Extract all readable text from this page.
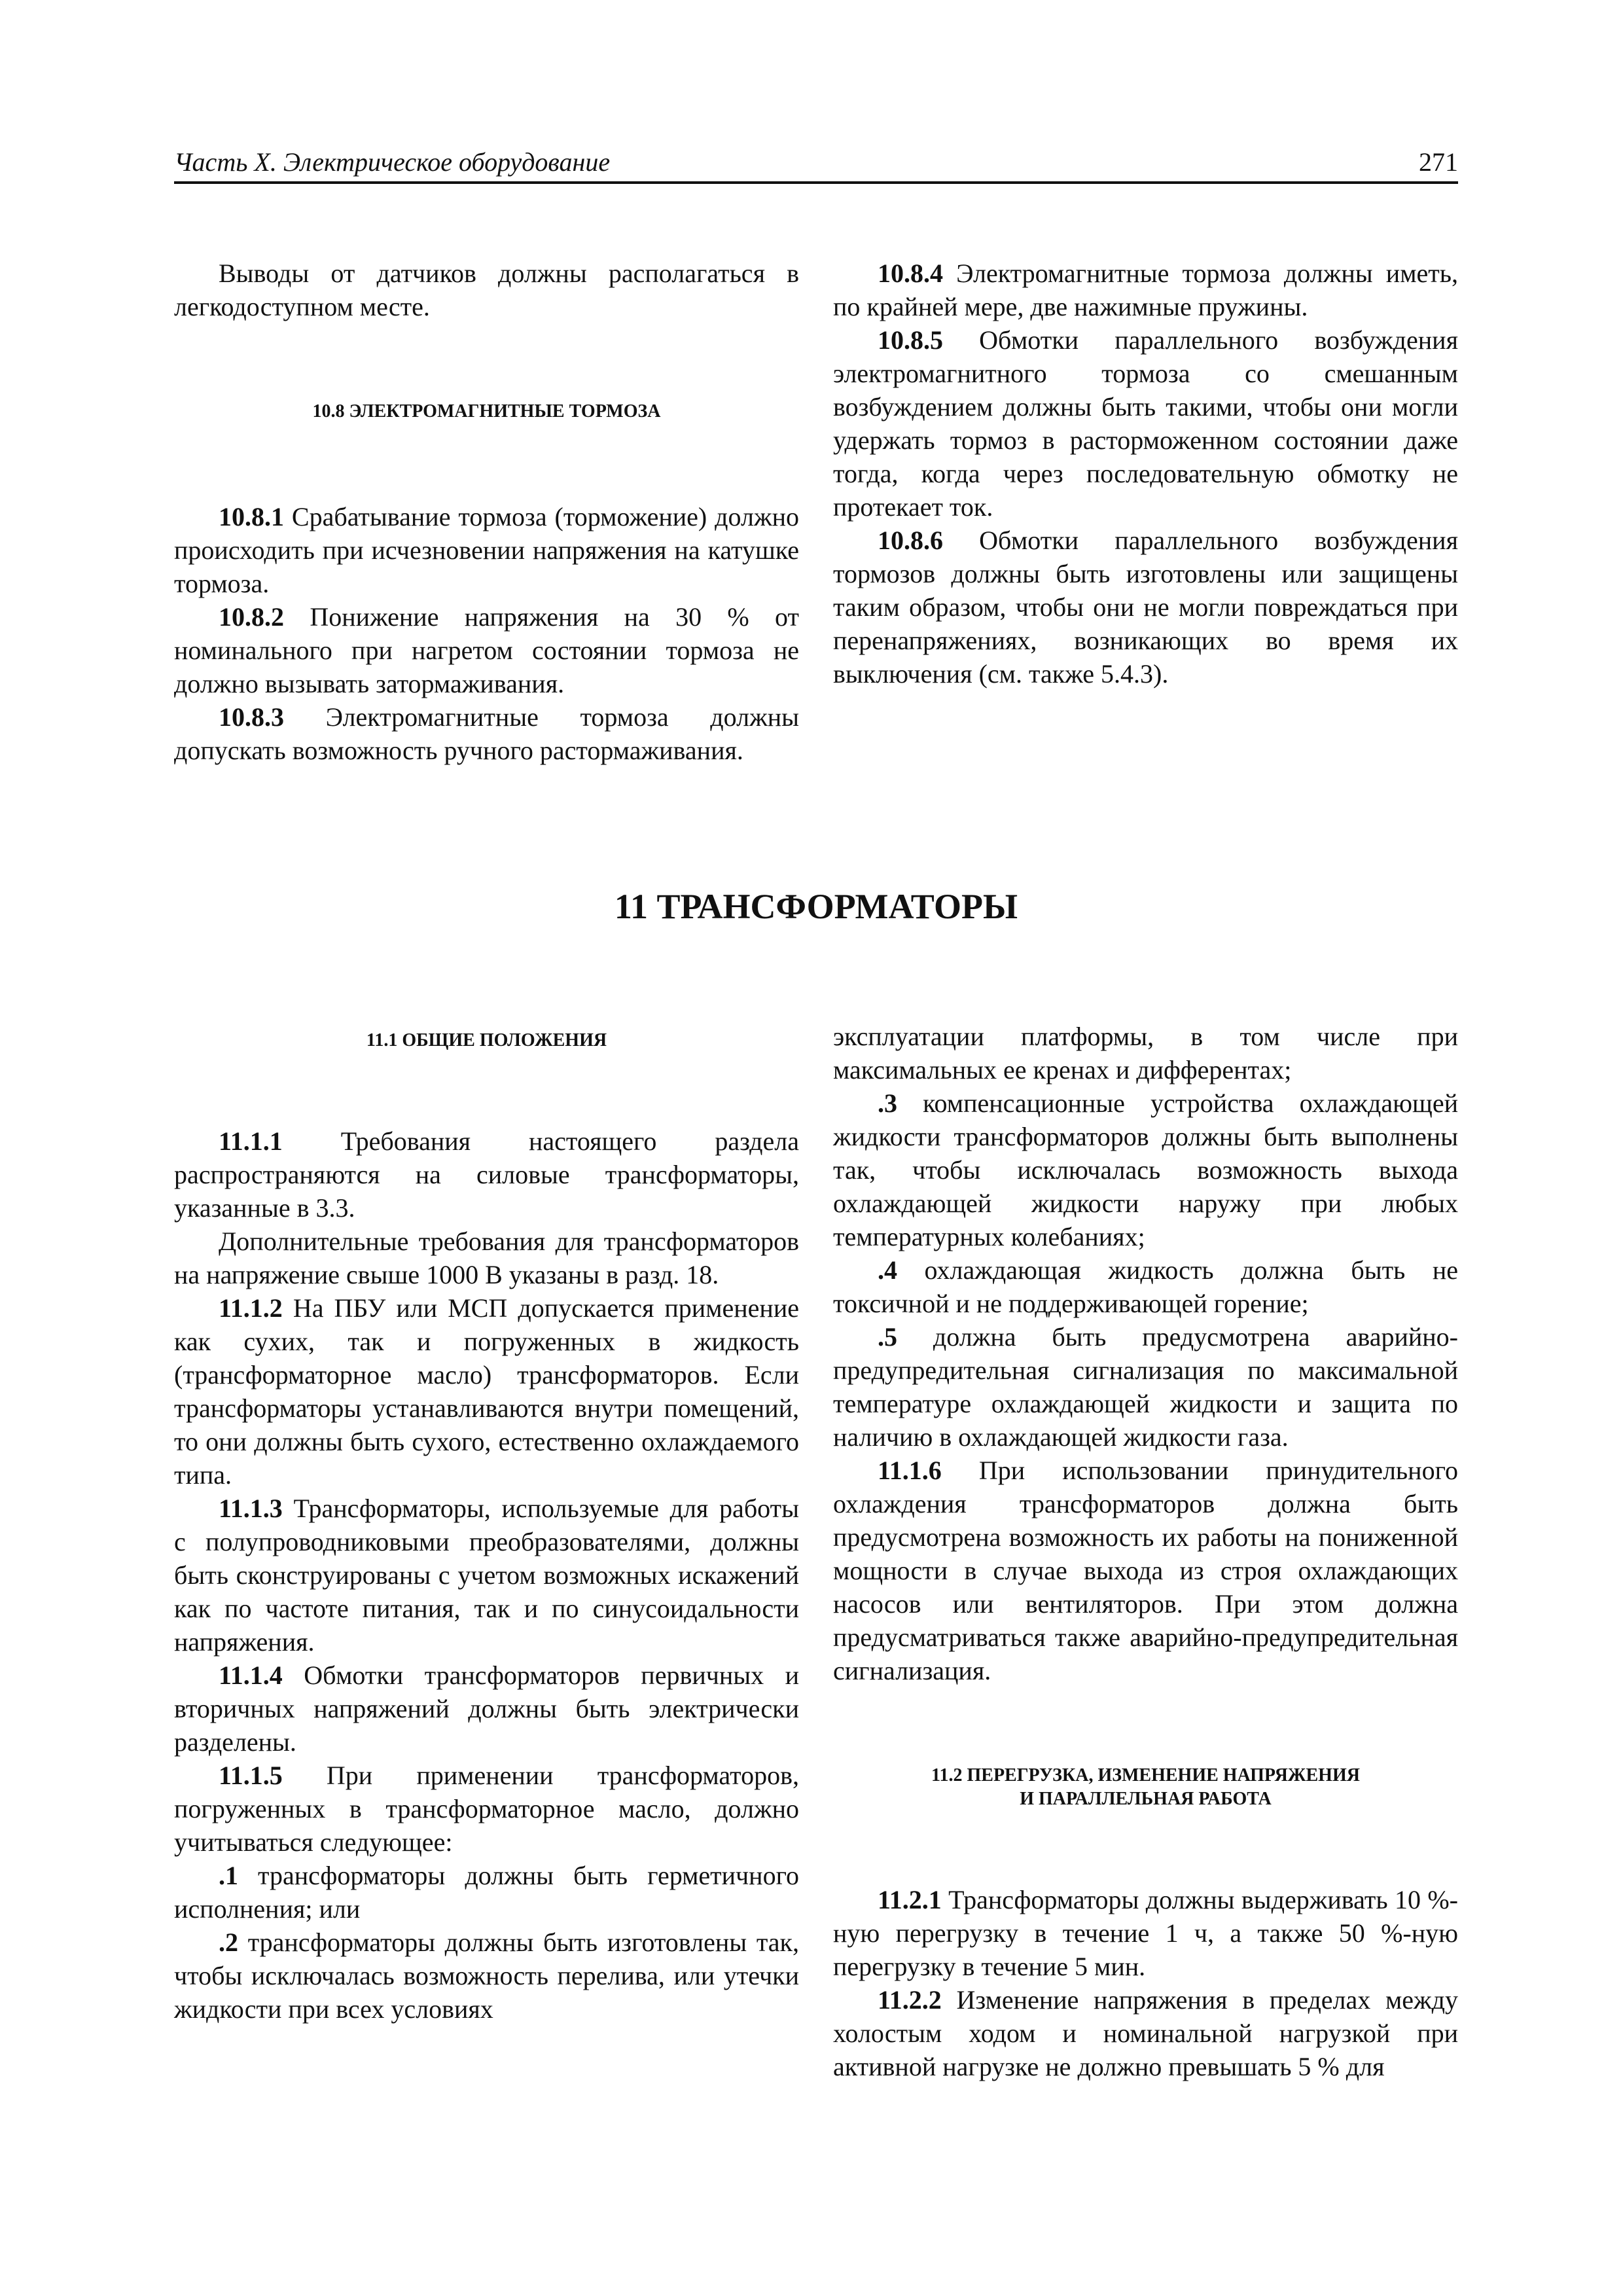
Часть X. Электрическое оборудование	271

Выводы от датчиков должны располагаться в легкодоступном месте.

10.8 ЭЛЕКТРОМАГНИТНЫЕ ТОРМОЗА

10.8.1 Срабатывание тормоза (торможение) должно происходить при исчезновении напряжения на катушке тормоза.

10.8.2 Понижение напряжения на 30 % от номинального при нагретом состоянии тормоза не должно вызывать затормаживания.

10.8.3 Электромагнитные тормоза должны допускать возможность ручного растормаживания.

10.8.4 Электромагнитные тормоза должны иметь, по крайней мере, две нажимные пружины.

10.8.5 Обмотки параллельного возбуждения электромагнитного тормоза со смешанным возбуждением должны быть такими, чтобы они могли удержать тормоз в расторможенном состоянии даже тогда, когда через последовательную обмотку не протекает ток.

10.8.6 Обмотки параллельного возбуждения тормозов должны быть изготовлены или защищены таким образом, чтобы они не могли повреждаться при перенапряжениях, возникающих во время их выключения (см. также 5.4.3).

11 ТРАНСФОРМАТОРЫ

11.1 ОБЩИЕ ПОЛОЖЕНИЯ

11.1.1 Требования настоящего раздела распространяются на силовые трансформаторы, указанные в 3.3.

Дополнительные требования для трансформаторов на напряжение свыше 1000 В указаны в разд. 18.

11.1.2 На ПБУ или МСП допускается применение как сухих, так и погруженных в жидкость (трансформаторное масло) трансформаторов. Если трансформаторы устанавливаются внутри помещений, то они должны быть сухого, естественно охлаждаемого типа.

11.1.3 Трансформаторы, используемые для работы с полупроводниковыми преобразователями, должны быть сконструированы с учетом возможных искажений как по частоте питания, так и по синусоидальности напряжения.

11.1.4 Обмотки трансформаторов первичных и вторичных напряжений должны быть электрически разделены.

11.1.5 При применении трансформаторов, погруженных в трансформаторное масло, должно учитываться следующее:

.1 трансформаторы должны быть герметичного исполнения; или

.2 трансформаторы должны быть изготовлены так, чтобы исключалась возможность перелива, или утечки жидкости при всех условиях

эксплуатации платформы, в том числе при максимальных ее кренах и дифферентах;

.3 компенсационные устройства охлаждающей жидкости трансформаторов должны быть выполнены так, чтобы исключалась возможность выхода охлаждающей жидкости наружу при любых температурных колебаниях;

.4 охлаждающая жидкость должна быть не токсичной и не поддерживающей горение;

.5 должна быть предусмотрена аварийно-предупредительная сигнализация по максимальной температуре охлаждающей жидкости и защита по наличию в охлаждающей жидкости газа.

11.1.6 При использовании принудительного охлаждения трансформаторов должна быть предусмотрена возможность их работы на пониженной мощности в случае выхода из строя охлаждающих насосов или вентиляторов. При этом должна предусматриваться также аварийно-предупредительная сигнализация.

11.2 ПЕРЕГРУЗКА, ИЗМЕНЕНИЕ НАПРЯЖЕНИЯ
И ПАРАЛЛЕЛЬНАЯ РАБОТА

11.2.1 Трансформаторы должны выдерживать 10 %-ную перегрузку в течение 1 ч, а также 50 %-ную перегрузку в течение 5 мин.

11.2.2 Изменение напряжения в пределах между холостым ходом и номинальной нагрузкой при активной нагрузке не должно превышать 5 % для
